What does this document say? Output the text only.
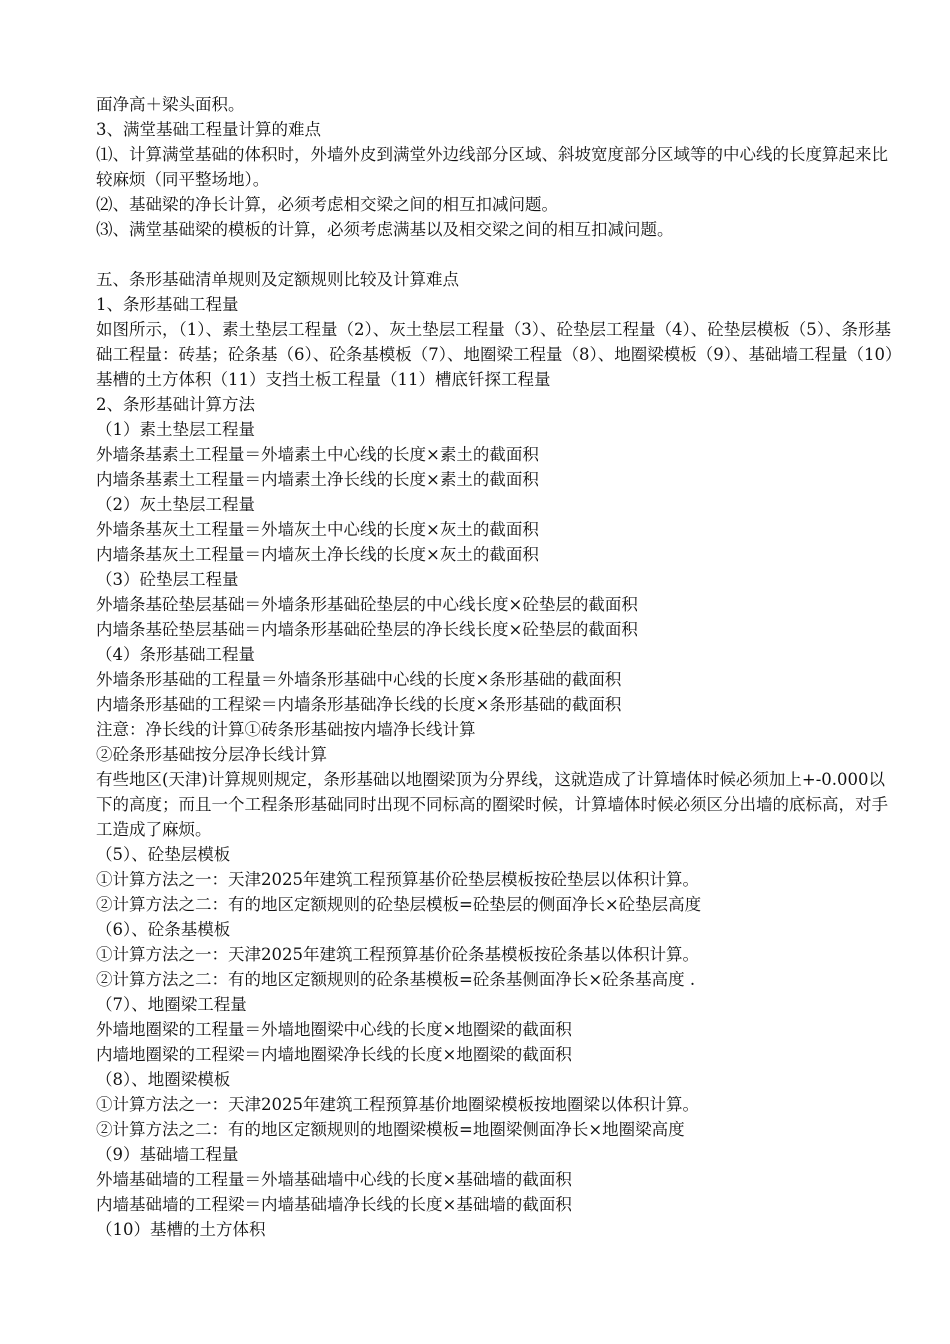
面净高＋梁头面积。

3、满堂基础工程量计算的难点

⑴、计算满堂基础的体积时，外墙外皮到满堂外边线部分区域、斜坡宽度部分区域等的中心线的长度算起来比较麻烦（同平整场地）。

⑵、基础梁的净长计算，必须考虑相交梁之间的相互扣减问题。

⑶、满堂基础梁的模板的计算，必须考虑满基以及相交梁之间的相互扣减问题。

五、条形基础清单规则及定额规则比较及计算难点

1、条形基础工程量

如图所示，（1）、素土垫层工程量（2）、灰土垫层工程量（3）、砼垫层工程量（4）、砼垫层模板（5）、条形基础工程量：砖基；砼条基（6）、砼条基模板（7）、地圈梁工程量（8）、地圈梁模板（9）、基础墙工程量（10）基槽的土方体积（11）支挡土板工程量（11）槽底钎探工程量

2、条形基础计算方法

（1）素土垫层工程量

外墙条基素土工程量＝外墙素土中心线的长度×素土的截面积

内墙条基素土工程量＝内墙素土净长线的长度×素土的截面积

（2）灰土垫层工程量

外墙条基灰土工程量＝外墙灰土中心线的长度×灰土的截面积

内墙条基灰土工程量＝内墙灰土净长线的长度×灰土的截面积

（3）砼垫层工程量

外墙条基砼垫层基础＝外墙条形基础砼垫层的中心线长度×砼垫层的截面积

内墙条基砼垫层基础＝内墙条形基础砼垫层的净长线长度×砼垫层的截面积

（4）条形基础工程量

外墙条形基础的工程量＝外墙条形基础中心线的长度×条形基础的截面积

内墙条形基础的工程梁＝内墙条形基础净长线的长度×条形基础的截面积

注意：净长线的计算①砖条形基础按内墙净长线计算

②砼条形基础按分层净长线计算

有些地区(天津)计算规则规定，条形基础以地圈梁顶为分界线，这就造成了计算墙体时候必须加上+-0.000以下的高度；而且一个工程条形基础同时出现不同标高的圈梁时候，计算墙体时候必须区分出墙的底标高，对手工造成了麻烦。

（5）、砼垫层模板

①计算方法之一：天津2025年建筑工程预算基价砼垫层模板按砼垫层以体积计算。

②计算方法之二：有的地区定额规则的砼垫层模板=砼垫层的侧面净长×砼垫层高度

（6）、砼条基模板

①计算方法之一：天津2025年建筑工程预算基价砼条基模板按砼条基以体积计算。

②计算方法之二：有的地区定额规则的砼条基模板=砼条基侧面净长×砼条基高度 .

（7）、地圈梁工程量

外墙地圈梁的工程量＝外墙地圈梁中心线的长度×地圈梁的截面积

内墙地圈梁的工程梁＝内墙地圈梁净长线的长度×地圈梁的截面积

（8）、地圈梁模板

①计算方法之一：天津2025年建筑工程预算基价地圈梁模板按地圈梁以体积计算。

②计算方法之二：有的地区定额规则的地圈梁模板=地圈梁侧面净长×地圈梁高度

（9）基础墙工程量

外墙基础墙的工程量＝外墙基础墙中心线的长度×基础墙的截面积

内墙基础墙的工程梁＝内墙基础墙净长线的长度×基础墙的截面积

（10）基槽的土方体积
